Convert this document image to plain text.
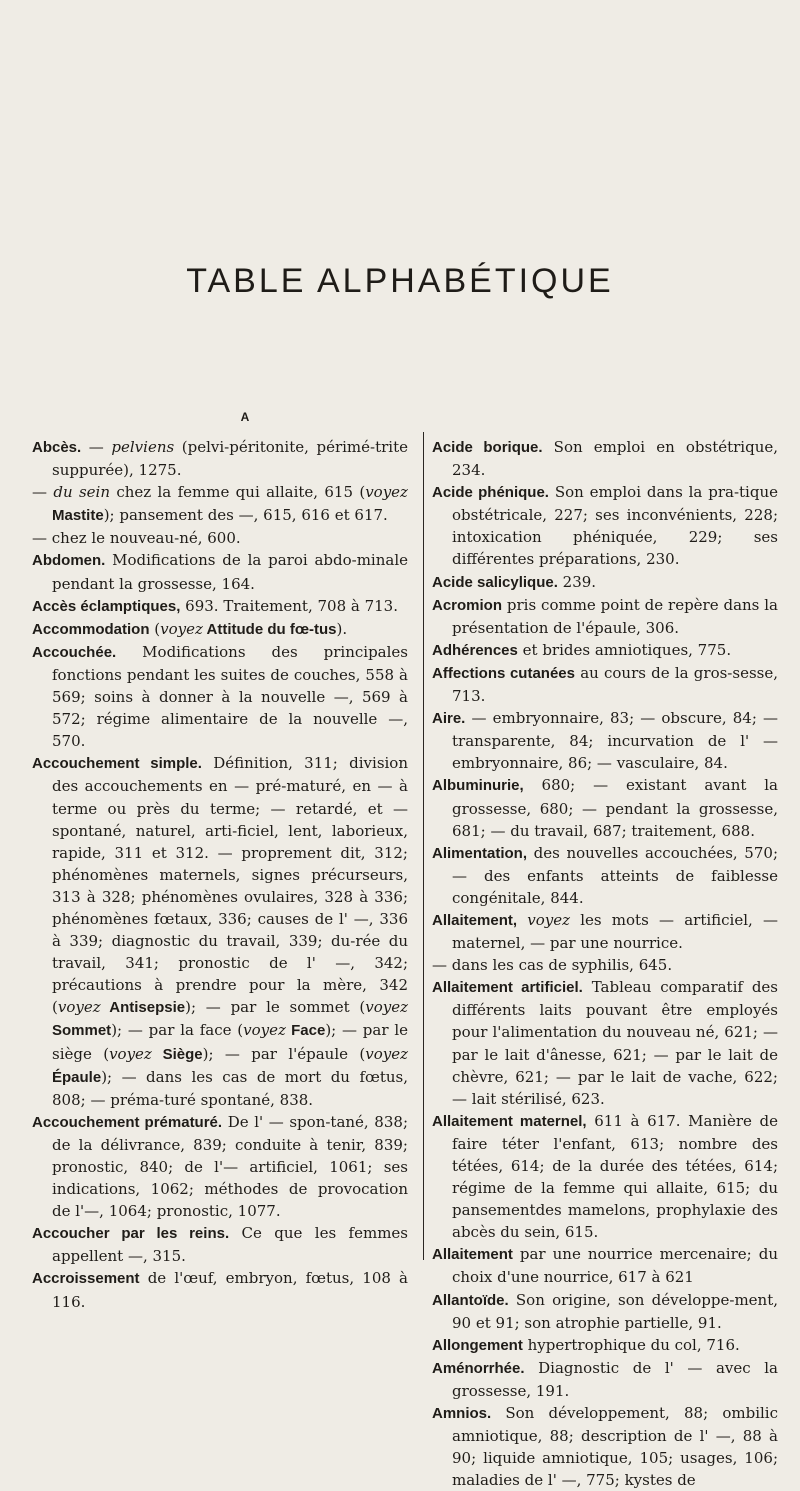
TABLE ALPHABÉTIQUE
A

Abcès. — pelviens (pelvi-péritonite, périmé-trite suppurée), 1275.

— du sein chez la femme qui allaite, 615 (voyez Mastite); pansement des —, 615, 616 et 617.

— chez le nouveau-né, 600.

Abdomen. Modifications de la paroi abdo-minale pendant la grossesse, 164.

Accès éclamptiques, 693. Traitement, 708 à 713.

Accommodation (voyez Attitude du fœ-tus).

Accouchée. Modifications des principales fonctions pendant les suites de couches, 558 à 569; soins à donner à la nouvelle —, 569 à 572; régime alimentaire de la nouvelle —, 570.

Accouchement simple. Définition, 311; division des accouchements en — pré-maturé, en — à terme ou près du terme; — retardé, et — spontané, naturel, arti-ficiel, lent, laborieux, rapide, 311 et 312. — proprement dit, 312; phénomènes maternels, signes précurseurs, 313 à 328; phénomènes ovulaires, 328 à 336; phénomènes fœtaux, 336; causes de l' —, 336 à 339; diagnostic du travail, 339; du-rée du travail, 341; pronostic de l' —, 342; précautions à prendre pour la mère, 342 (voyez Antisepsie); — par le sommet (voyez Sommet); — par la face (voyez Face); — par le siège (voyez Siège); — par l'épaule (voyez Épaule); — dans les cas de mort du fœtus, 808; — préma-turé spontané, 838.

Accouchement prématuré. De l' — spon-tané, 838; de la délivrance, 839; conduite à tenir, 839; pronostic, 840; de l'— artificiel, 1061; ses indications, 1062; méthodes de provocation de l'—, 1064; pronostic, 1077.

Accoucher par les reins. Ce que les femmes appellent —, 315.

Accroissement de l'œuf, embryon, fœtus, 108 à 116.

Acide borique. Son emploi en obstétrique, 234.

Acide phénique. Son emploi dans la pra-tique obstétricale, 227; ses inconvénients, 228; intoxication phéniquée, 229; ses différentes préparations, 230.

Acide salicylique. 239.

Acromion pris comme point de repère dans la présentation de l'épaule, 306.

Adhérences et brides amniotiques, 775.

Affections cutanées au cours de la gros-sesse, 713.

Aire. — embryonnaire, 83; — obscure, 84; — transparente, 84; incurvation de l' — embryonnaire, 86; — vasculaire, 84.

Albuminurie, 680; — existant avant la grossesse, 680; — pendant la grossesse, 681; — du travail, 687; traitement, 688.

Alimentation, des nouvelles accouchées, 570; — des enfants atteints de faiblesse congénitale, 844.

Allaitement, voyez les mots — artificiel, — maternel, — par une nourrice.

— dans les cas de syphilis, 645.

Allaitement artificiel. Tableau comparatif des différents laits pouvant être employés pour l'alimentation du nouveau né, 621; — par le lait d'ânesse, 621; — par le lait de chèvre, 621; — par le lait de vache, 622; — lait stérilisé, 623.

Allaitement maternel, 611 à 617. Manière de faire téter l'enfant, 613; nombre des tétées, 614; de la durée des tétées, 614; régime de la femme qui allaite, 615; du pansementdes mamelons, prophylaxie des abcès du sein, 615.

Allaitement par une nourrice mercenaire; du choix d'une nourrice, 617 à 621

Allantoïde. Son origine, son développe-ment, 90 et 91; son atrophie partielle, 91.

Allongement hypertrophique du col, 716.

Aménorrhée. Diagnostic de l' — avec la grossesse, 191.

Amnios. Son développement, 88; ombilic amniotique, 88; description de l' —, 88 à 90; liquide amniotique, 105; usages, 106; maladies de l' —, 775; kystes de
